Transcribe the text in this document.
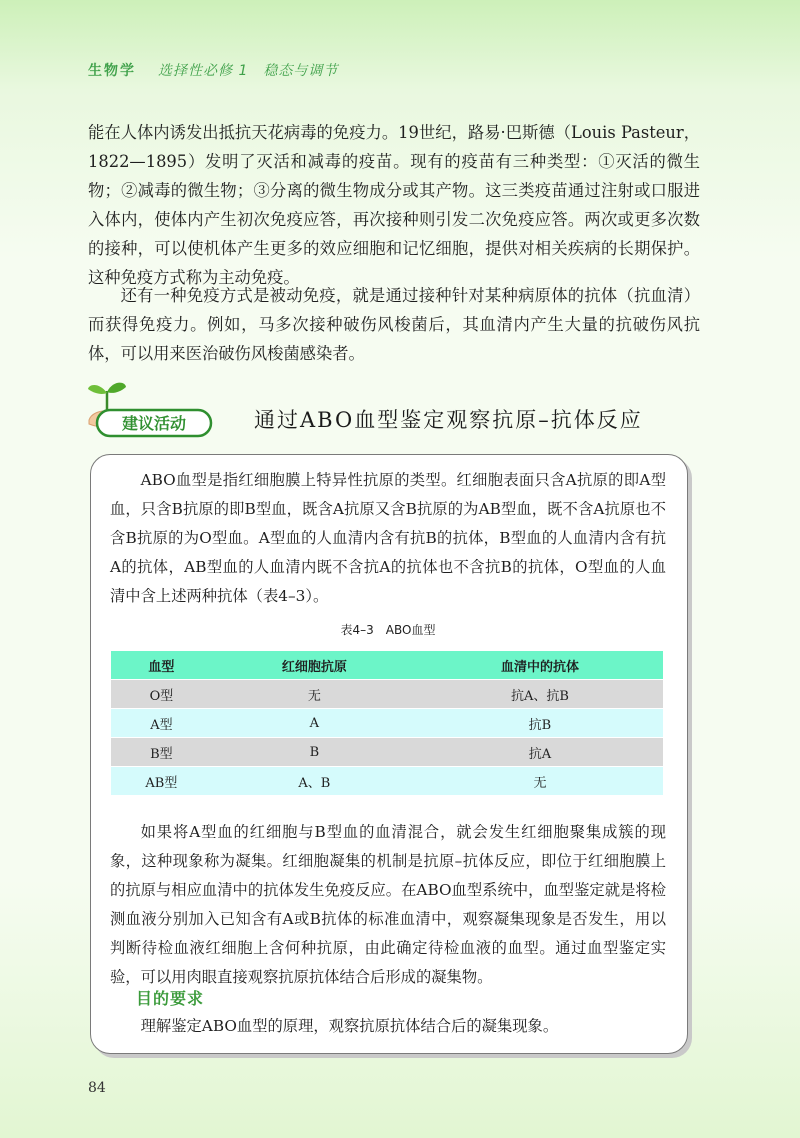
生物学 选择性必修 1　稳态与调节

能在人体内诱发出抵抗天花病毒的免疫力。19世纪，路易·巴斯德（Louis Pasteur，1822—1895）发明了灭活和减毒的疫苗。现有的疫苗有三种类型：①灭活的微生物；②减毒的微生物；③分离的微生物成分或其产物。这三类疫苗通过注射或口服进入体内，使体内产生初次免疫应答，再次接种则引发二次免疫应答。两次或更多次数的接种，可以使机体产生更多的效应细胞和记忆细胞，提供对相关疾病的长期保护。这种免疫方式称为主动免疫。

还有一种免疫方式是被动免疫，就是通过接种针对某种病原体的抗体（抗血清）而获得免疫力。例如，马多次接种破伤风梭菌后，其血清内产生大量的抗破伤风抗体，可以用来医治破伤风梭菌感染者。

建议活动	通过ABO血型鉴定观察抗原–抗体反应

ABO血型是指红细胞膜上特异性抗原的类型。红细胞表面只含A抗原的即A型血，只含B抗原的即B型血，既含A抗原又含B抗原的为AB型血，既不含A抗原也不含B抗原的为O型血。A型血的人血清内含有抗B的抗体，B型血的人血清内含有抗A的抗体，AB型血的人血清内既不含抗A的抗体也不含抗B的抗体，O型血的人血清中含上述两种抗体（表4–3）。

表4–3　ABO血型
血型	红细胞抗原	血清中的抗体
O型	无	抗A、抗B
A型	A	抗B
B型	B	抗A
AB型	A、B	无

如果将A型血的红细胞与B型血的血清混合，就会发生红细胞聚集成簇的现象，这种现象称为凝集。红细胞凝集的机制是抗原–抗体反应，即位于红细胞膜上的抗原与相应血清中的抗体发生免疫反应。在ABO血型系统中，血型鉴定就是将检测血液分别加入已知含有A或B抗体的标准血清中，观察凝集现象是否发生，用以判断待检血液红细胞上含何种抗原，由此确定待检血液的血型。通过血型鉴定实验，可以用肉眼直接观察抗原抗体结合后形成的凝集物。

目的要求

理解鉴定ABO血型的原理，观察抗原抗体结合后的凝集现象。

84
